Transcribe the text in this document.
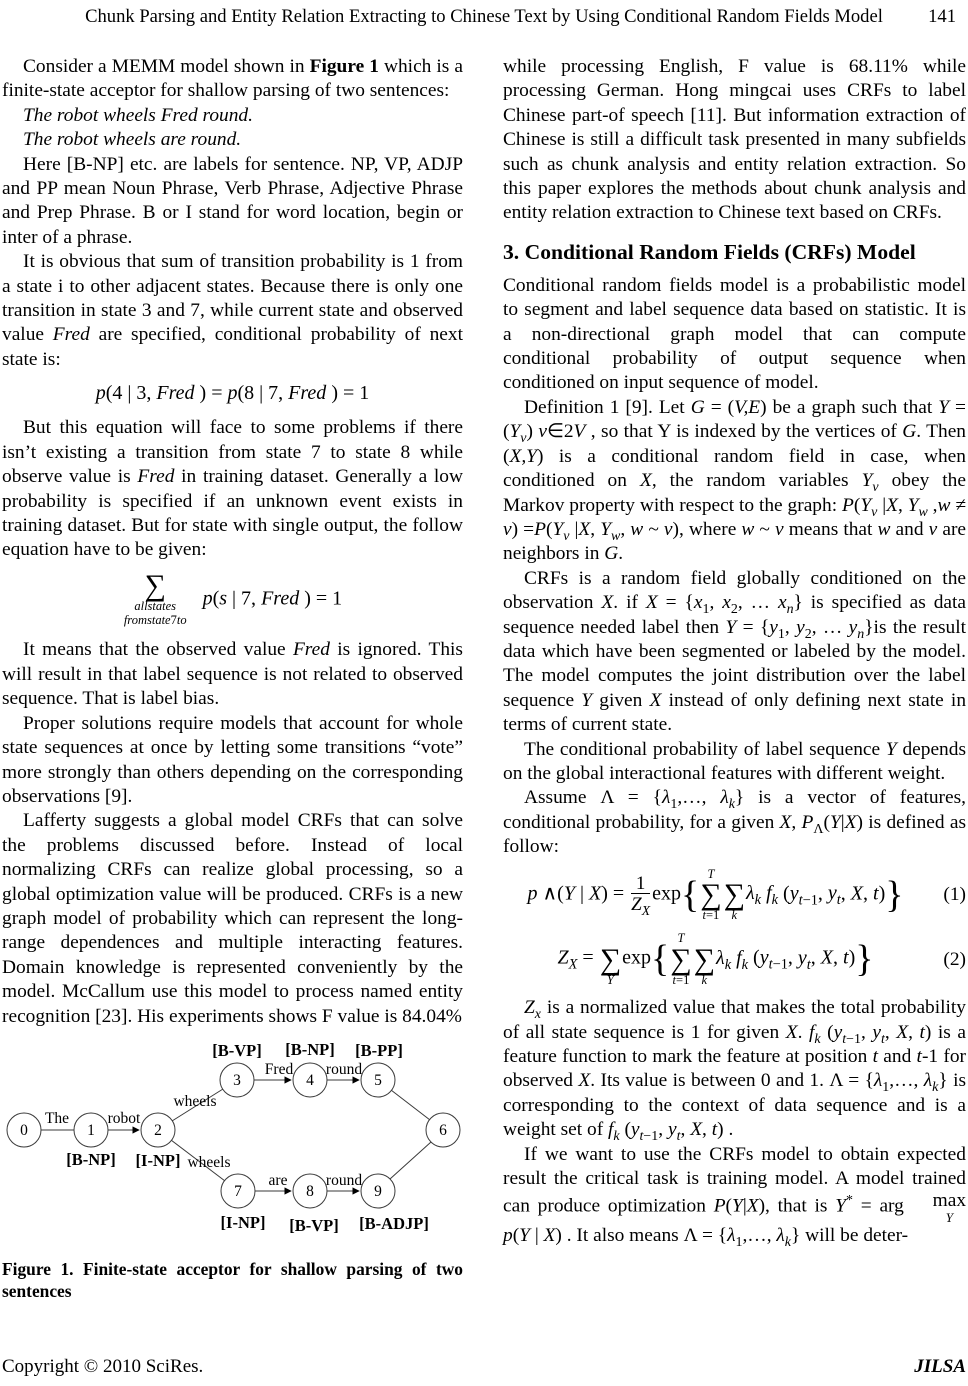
Chunk Parsing and Entity Relation Extracting to Chinese Text by Using Conditional Random Fields Model	141

Consider a MEMM model shown in Figure 1 which is a finite-state acceptor for shallow parsing of two sentences:

The robot wheels Fred round.

The robot wheels are round.

Here [B-NP] etc. are labels for sentence. NP, VP, ADJP and PP mean Noun Phrase, Verb Phrase, Adjective Phrase and Prep Phrase. B or I stand for word location, begin or inter of a phrase.

It is obvious that sum of transition probability is 1 from a state i to other adjacent states. Because there is only one transition in state 3 and 7, while current state and observed value Fred are specified, conditional probability of next state is:

p(4 | 3, Fred ) = p(8 | 7, Fred ) = 1

But this equation will face to some problems if there isn’t existing a transition from state 7 to state 8 while observe value is Fred in training dataset. Generally a low probability is specified if an unknown event exists in training dataset. But for state with single output, the follow equation have to be given:

∑
allstates
fromstate7to
p(s | 7, Fred ) = 1

It means that the observed value Fred is ignored. This will result in that label sequence is not related to observed sequence. That is label bias.

Proper solutions require models that account for whole state sequences at once by letting some transitions “vote” more strongly than others depending on the corresponding observations [9].

Lafferty suggests a global model CRFs that can solve the problems discussed before. Instead of local normalizing CRFs can realize global processing, so a global optimization value will be produced. CRFs is a new graph model of probability which can represent the long-range dependences and multiple interacting features. Domain knowledge is represented conveniently by the model. McCallum use this model to process named entity recognition [23]. His experiments shows F value is 84.04%

0	1	2
3	4	5
6
7	8	9
The robot
wheels
Fred round
wheels
are round
[B-VP] [B-NP] [B-PP]
[B-NP] [I-NP]
[I-NP] [B-VP] [B-ADJP]
Figure 1. Finite-state acceptor for shallow parsing of two sentences

while processing English, F value is 68.11% while processing German. Hong mingcai uses CRFs to label Chinese part-of speech [11]. But information extraction of Chinese is still a difficult task presented in many subfields such as chunk analysis and entity relation extraction. So this paper explores the methods about chunk analysis and entity relation extraction to Chinese text based on CRFs.

3. Conditional Random Fields (CRFs) Model

Conditional random fields model is a probabilistic model to segment and label sequence data based on statistic. It is a non-directional graph model that can compute conditional probability of output sequence when conditioned on input sequence of model.

Definition 1 [9]. Let G = (V,E) be a graph such that $Y = (Y_v)$ v∈2V , so that Y is indexed by the vertices of G. Then (X,Y) is a conditional random field in case, when conditioned on X, the random variables $Y_v$ obey the Markov property with respect to the graph: $P(Y_v$ |X, $Y_w$ $,w \ne v) =P(Y_v$ |X, $Y_w$, w ~ v), where w ~ v means that w and v are neighbors in G.

CRFs is a random field globally conditioned on the observation X. if $X = \{x_1$, $x_2$, … $x_n$} is specified as data sequence needed label then $Y = \{y_1$, $y_2$, … $y_n\}is$ the result data which have been segmented or labeled by the model. The model computes the joint distribution over the label sequence Y given X instead of only defining next state in terms of current state.

The conditional probability of label sequence Y depends on the global interactional features with different weight.

Assume $\Lambda = \{\lambda_1,\dots$, $\lambda_k$} is a vector of features, conditional probability, for a given X, $P_\Lambda(Y|X)$ is defined as follow:

p ∧(Y | $X) = \frac{1}{Z_X} \exp${ T
∑
t=1

∑
k
$\lambda_k$ $f_k$ ($y_{t-1}$, $y_t$, X, t)}	(1)
$Z_X$ =
  ∑
Y
exp{ T
∑
t=1

∑
k
$\lambda_k$ $f_k$ ($y_{t-1}$, $y_t$, X, t)}	(2)

$Z_x$ is a normalized value that makes the total probability of all state sequence is 1 for given X. $f_k$ ($y_{t-1}$, $y_t$, X, t) is a feature function to mark the feature at position t and t-1 for observed X. Its value is between 0 and 1. $\Lambda = \{\lambda_1,\dots$, $\lambda_k$} is corresponding to the context of data sequence and is a weight set of $f_k$ ($y_{t-1}$, $y_t$, X, t) .

If we want to use the CRFs model to obtain expected result the critical task is training model. A model trained can produce optimization P(Y|X), that is Y* = arg	max
Y
p(Y | X) . It also means $\Lambda = \{\lambda_1,\dots$, $\lambda_k$} will be deter-

Copyright © 2010 SciRes.	JILSA
